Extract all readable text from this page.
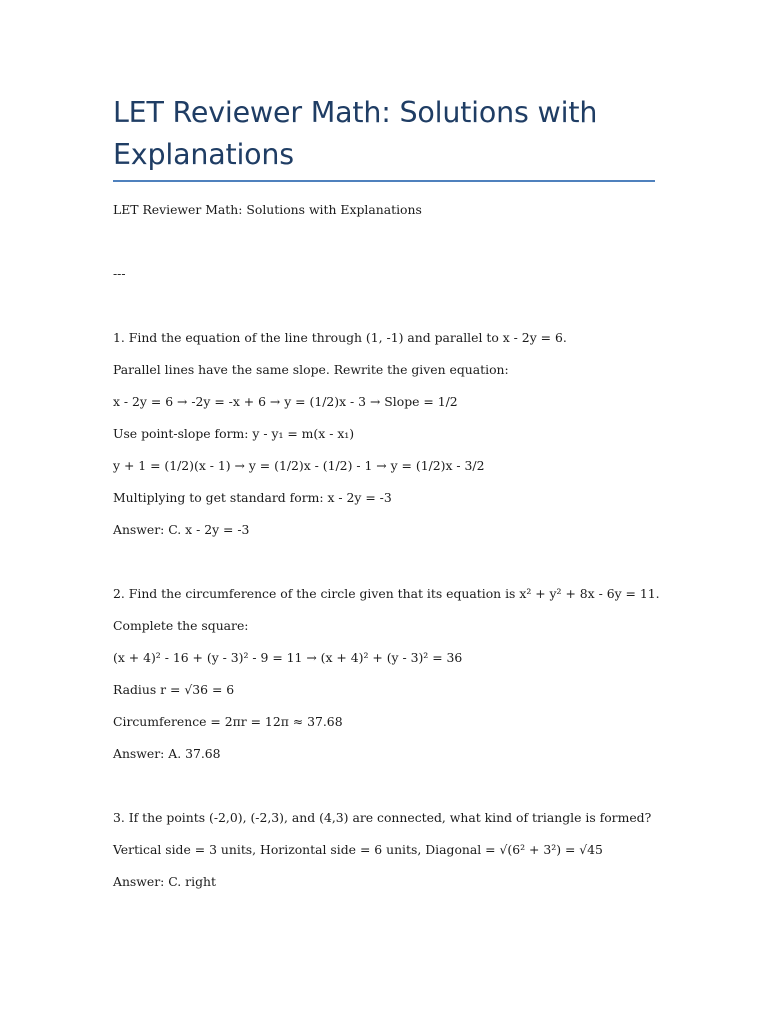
LET Reviewer Math: Solutions with Explanations
LET Reviewer Math: Solutions with Explanations
---
1. Find the equation of the line through (1, -1) and parallel to x - 2y = 6.
Parallel lines have the same slope. Rewrite the given equation:
x - 2y = 6 → -2y = -x + 6 → y = (1/2)x - 3 → Slope = 1/2
Use point-slope form: y - y₁ = m(x - x₁)
y + 1 = (1/2)(x - 1) → y = (1/2)x - (1/2) - 1 → y = (1/2)x - 3/2
Multiplying to get standard form: x - 2y = -3
Answer: C. x - 2y = -3
2. Find the circumference of the circle given that its equation is x² + y² + 8x - 6y = 11.
Complete the square:
(x + 4)² - 16 + (y - 3)² - 9 = 11 → (x + 4)² + (y - 3)² = 36
Radius r = √36 = 6
Circumference = 2πr = 12π ≈ 37.68
Answer: A. 37.68
3. If the points (-2,0), (-2,3), and (4,3) are connected, what kind of triangle is formed?
Vertical side = 3 units, Horizontal side = 6 units, Diagonal = √(6² + 3²) = √45
Answer: C. right
